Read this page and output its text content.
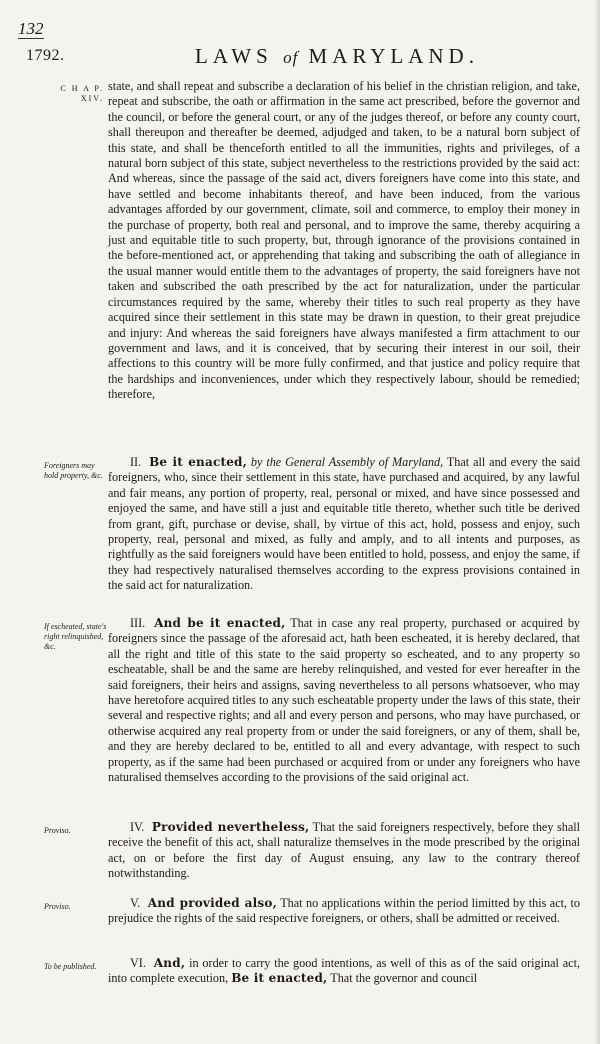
132
1792.	LAWS of MARYLAND.
C H A P. XIV.
Foreigners may hold property, &c.
If escheated, state's right relinquished, &c.
Proviso.
Proviso.
To be published.
state, and shall repeat and subscribe a declaration of his belief in the christian religion, and take, repeat and subscribe, the oath or affirmation in the same act prescribed, before the governor and the council, or before the general court, or any of the judges thereof, or before any county court, shall thereupon and thereafter be deemed, adjudged and taken, to be a natural born subject of this state, and shall be thenceforth entitled to all the immunities, rights and privileges, of a natural born subject of this state, subject nevertheless to the restrictions provided by the said act: And whereas, since the passage of the said act, divers foreigners have come into this state, and have settled and become inhabitants thereof, and have been induced, from the various advantages afforded by our government, climate, soil and commerce, to employ their money in the purchase of property, both real and personal, and to improve the same, thereby acquiring a just and equitable title to such property, but, through ignorance of the provisions contained in the before-mentioned act, or apprehending that taking and subscribing the oath of allegiance in the usual manner would entitle them to the advantages of property, the said foreigners have not taken and subscribed the oath prescribed by the act for naturalization, under the particular circumstances required by the same, whereby their titles to such real property as they have acquired since their settlement in this state may be drawn in question, to their great prejudice and injury: And whereas the said foreigners have always manifested a firm attachment to our government and laws, and it is conceived, that by securing their interest in our soil, their affections to this country will be more fully confirmed, and that justice and policy require that the hardships and inconveniences, under which they respectively labour, should be remedied; therefore,
II. Be it enacted, by the General Assembly of Maryland, That all and every the said foreigners, who, since their settlement in this state, have purchased and acquired, by any lawful and fair means, any portion of property, real, personal or mixed, and have since possessed and enjoyed the same, and have still a just and equitable title thereto, whether such title be derived from grant, gift, purchase or devise, shall, by virtue of this act, hold, possess and enjoy, such property, real, personal and mixed, as fully and amply, and to all intents and purposes, as rightfully as the said foreigners would have been entitled to hold, possess, and enjoy the same, if they had respectively naturalised themselves according to the express provisions contained in the said act for naturalization.
III. And be it enacted, That in case any real property, purchased or acquired by foreigners since the passage of the aforesaid act, hath been escheated, it is hereby declared, that all the right and title of this state to the said property so escheated, and to any property so escheatable, shall be and the same are hereby relinquished, and vested for ever hereafter in the said foreigners, their heirs and assigns, saving nevertheless to all persons whatsoever, who may have heretofore acquired titles to any such escheatable property under the laws of this state, their several and respective rights; and all and every person and persons, who may have purchased, or otherwise acquired any real property from or under the said foreigners, or any of them, shall be, and they are hereby declared to be, entitled to all and every advantage, with respect to such property, as if the same had been purchased or acquired from or under any foreigners who have naturalised themselves according to the provisions of the said original act.
IV. Provided nevertheless, That the said foreigners respectively, before they shall receive the benefit of this act, shall naturalize themselves in the mode prescribed by the original act, on or before the first day of August ensuing, any law to the contrary thereof notwithstanding.
V. And provided also, That no applications within the period limitted by this act, to prejudice the rights of the said respective foreigners, or others, shall be admitted or received.
VI. And, in order to carry the good intentions, as well of this as of the said original act, into complete execution, Be it enacted, That the governor and council
